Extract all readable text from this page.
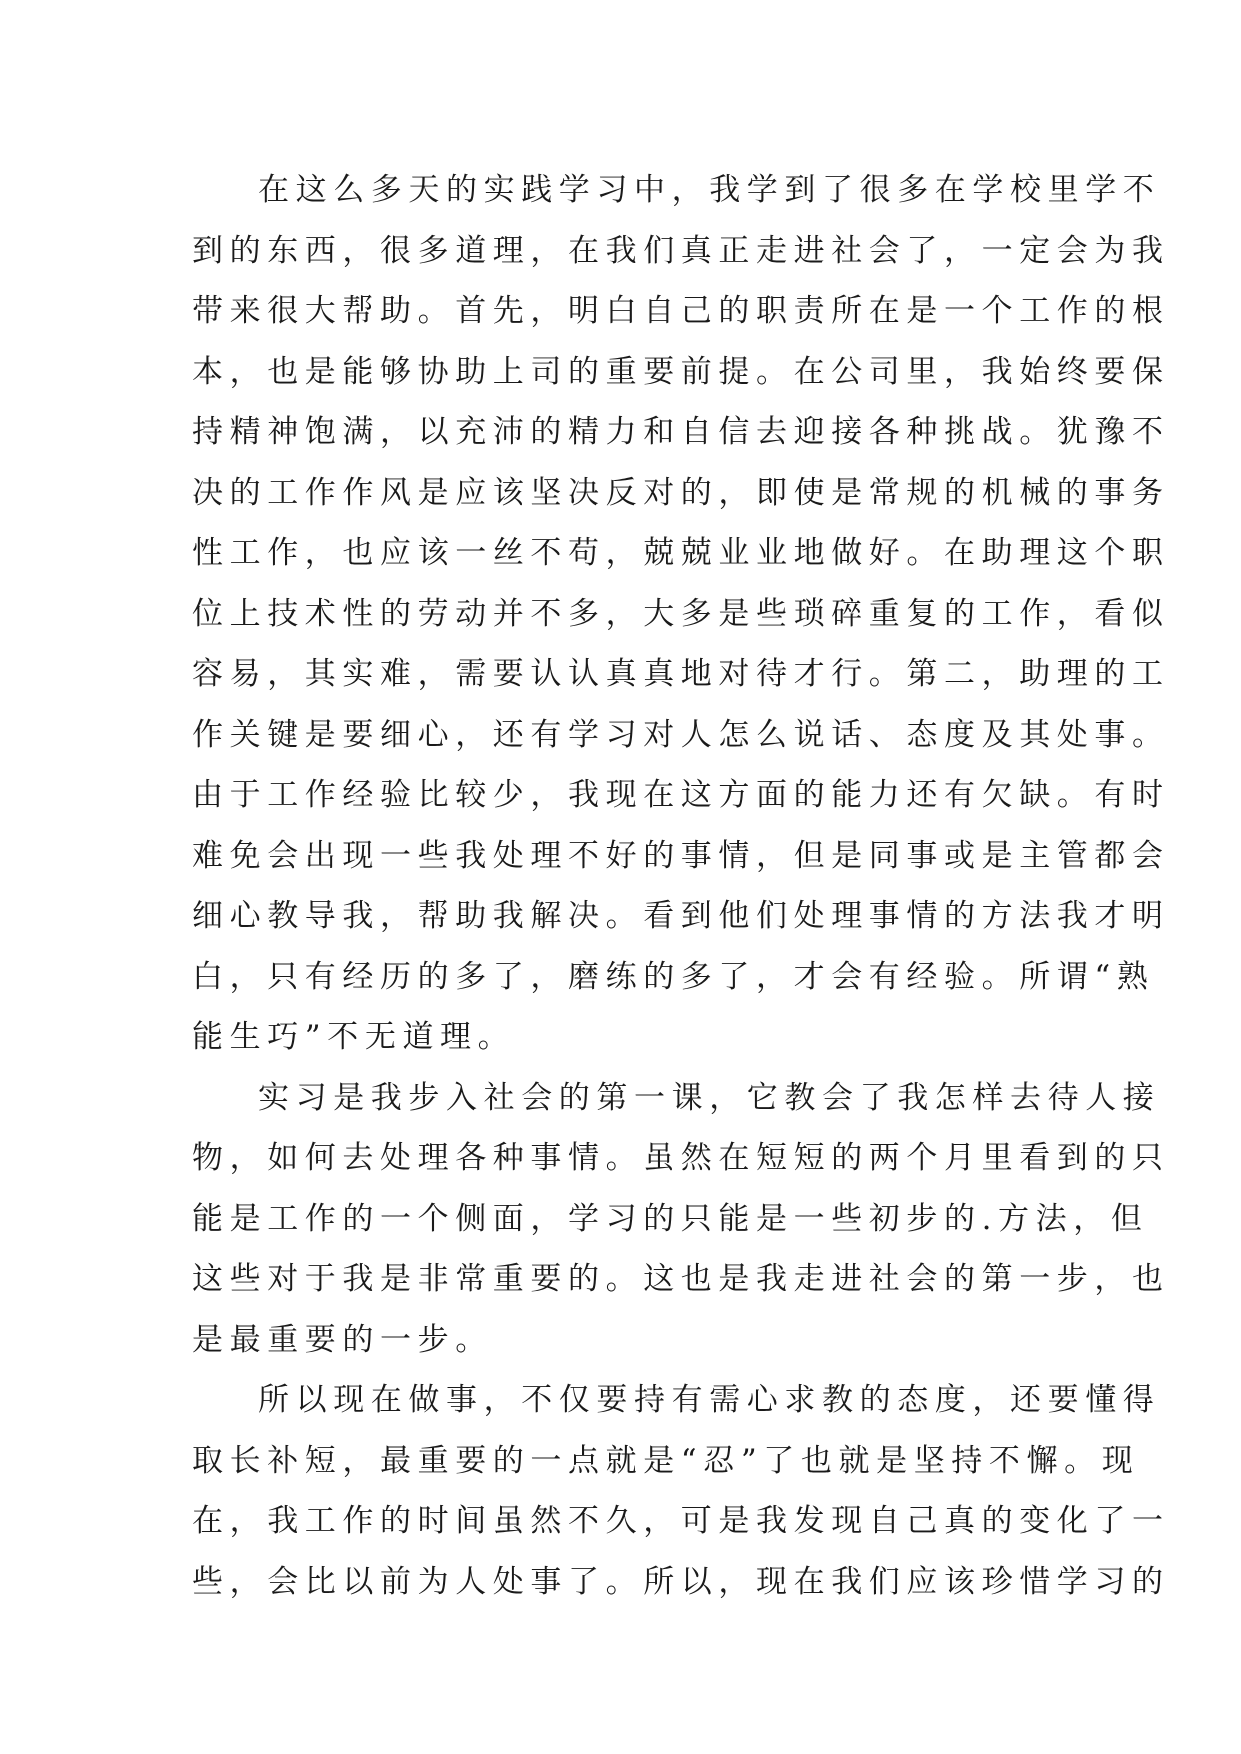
在这么多天的实践学习中，我学到了很多在学校里学不
到的东西，很多道理，在我们真正走进社会了，一定会为我
带来很大帮助。首先，明白自己的职责所在是一个工作的根
本，也是能够协助上司的重要前提。在公司里，我始终要保
持精神饱满，以充沛的精力和自信去迎接各种挑战。犹豫不
决的工作作风是应该坚决反对的，即使是常规的机械的事务
性工作，也应该一丝不苟，兢兢业业地做好。在助理这个职
位上技术性的劳动并不多，大多是些琐碎重复的工作，看似
容易，其实难，需要认认真真地对待才行。第二，助理的工
作关键是要细心，还有学习对人怎么说话、态度及其处事。
由于工作经验比较少，我现在这方面的能力还有欠缺。有时
难免会出现一些我处理不好的事情，但是同事或是主管都会
细心教导我，帮助我解决。看到他们处理事情的方法我才明
白，只有经历的多了，磨练的多了，才会有经验。所谓“熟
能生巧”不无道理。
实习是我步入社会的第一课，它教会了我怎样去待人接
物，如何去处理各种事情。虽然在短短的两个月里看到的只
能是工作的一个侧面，学习的只能是一些初步的.方法，但
这些对于我是非常重要的。这也是我走进社会的第一步，也
是最重要的一步。
所以现在做事，不仅要持有需心求教的态度，还要懂得
取长补短，最重要的一点就是“忍”了也就是坚持不懈。现
在，我工作的时间虽然不久，可是我发现自己真的变化了一
些，会比以前为人处事了。所以，现在我们应该珍惜学习的
